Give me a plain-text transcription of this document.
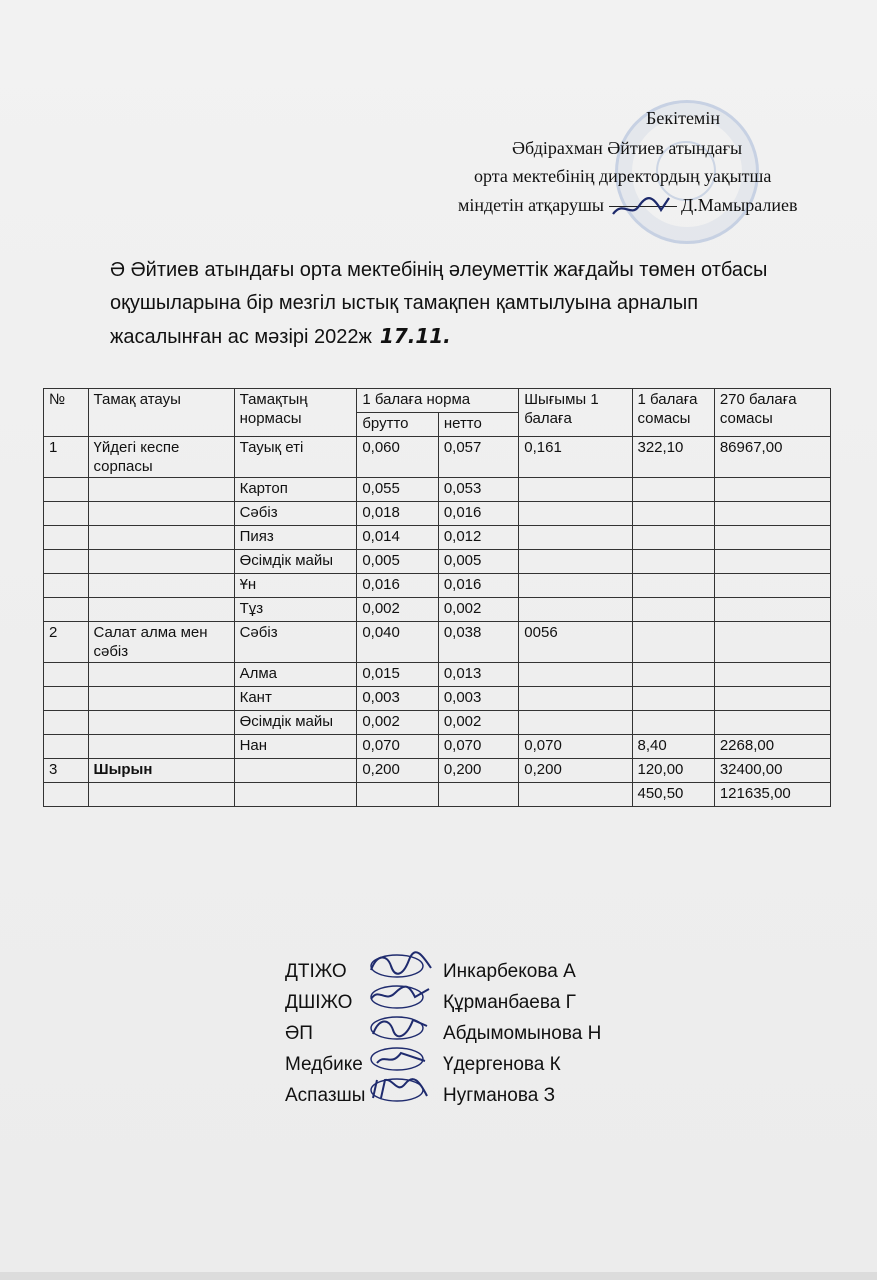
Бекітемін
Әбдірахман Әйтиев атындағы
орта мектебінің директордың уақытша
міндетін атқарушы	Д.Мамыралиев
Ә Әйтиев атындағы орта мектебінің әлеуметтік жағдайы төмен отбасы
оқушыларына бір мезгіл ыстық тамақпен қамтылуына арналып
жасалынған ас мәзірі 2022ж 17.11.
№	Тамақ атауы	Тамақтың нормасы	1 балаға норма		Шығымы 1 балаға	1 балаға сомасы	270 балаға сомасы
			брутто	нетто			
1	Үйдегі кеспе сорпасы	Тауық еті	0,060	0,057	0,161	322,10	86967,00
		Картоп	0,055	0,053			
		Сәбіз	0,018	0,016			
		Пияз	0,014	0,012			
		Өсімдік майы	0,005	0,005			
		Ұн	0,016	0,016			
		Тұз	0,002	0,002			
2	Салат алма мен сәбіз	Сәбіз	0,040	0,038	0056		
		Алма	0,015	0,013			
		Кант	0,003	0,003			
		Өсімдік майы	0,002	0,002			
		Нан	0,070	0,070	0,070	8,40	2268,00
3	Шырын		0,200	0,200	0,200	120,00	32400,00
						450,50	121635,00
ДТІЖО	Инкарбекова А
ДШІЖО	Құрманбаева Г
ӘП	Абдымомынова Н
Медбике	Үдергенова К
Аспазшы	Нугманова З
